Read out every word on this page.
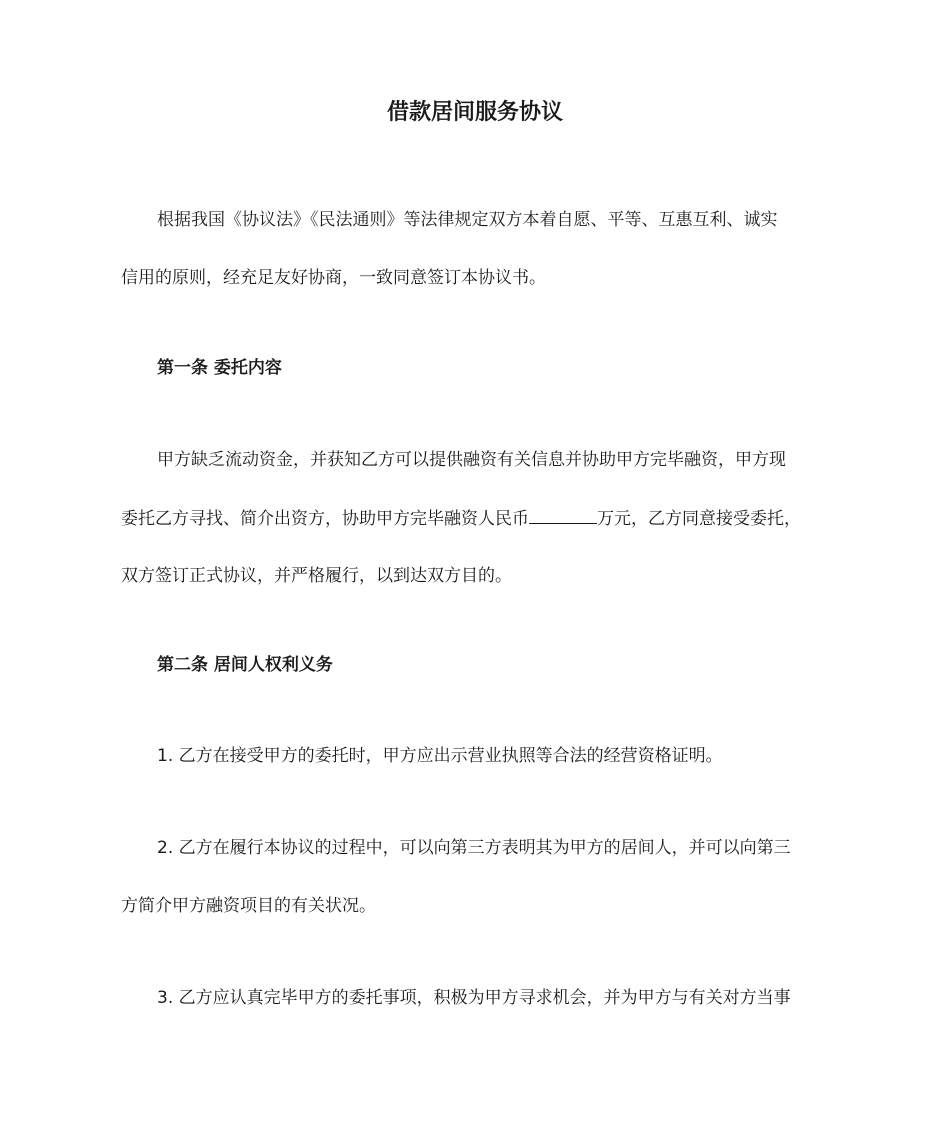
借款居间服务协议

根据我国《协议法》《民法通则》等法律规定双方本着自愿、平等、互惠互利、诚实

信用的原则，经充足友好协商，一致同意签订本协议书。

第一条 委托内容

甲方缺乏流动资金，并获知乙方可以提供融资有关信息并协助甲方完毕融资，甲方现

委托乙方寻找、简介出资方，协助甲方完毕融资人民币	万元，乙方同意接受委托，

双方签订正式协议，并严格履行，以到达双方目的。

第二条 居间人权利义务

1. 乙方在接受甲方的委托时，甲方应出示营业执照等合法的经营资格证明。

2. 乙方在履行本协议的过程中，可以向第三方表明其为甲方的居间人，并可以向第三

方简介甲方融资项目的有关状况。

3. 乙方应认真完毕甲方的委托事项，积极为甲方寻求机会，并为甲方与有关对方当事
